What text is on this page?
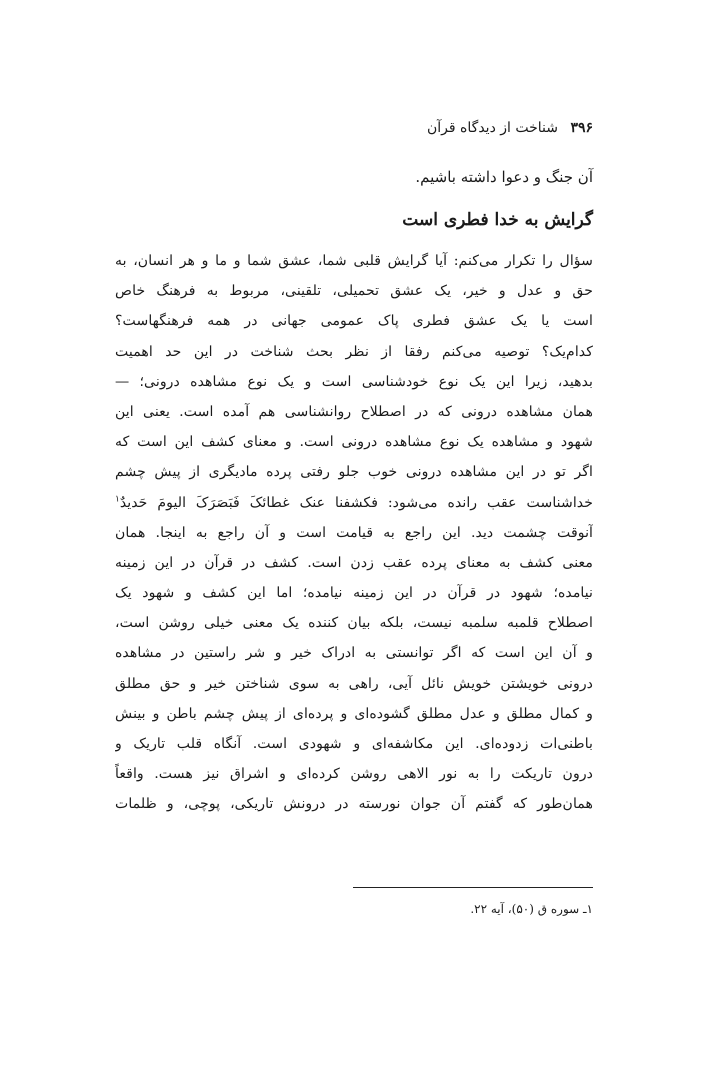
۳۹۶ شناخت از دیدگاه قرآن
آن جنگ و دعوا داشته باشیم.
گرایش به خدا فطری است
سؤال را تکرار می‌کنم: آیا گرایش قلبی شما، عشق شما و ما و هر انسان، به
حق و عدل و خیر، یک عشق تحمیلی، تلقینی، مربوط به فرهنگ خاص
است یا یک عشق فطری پاک عمومی جهانی در همه فرهنگهاست؟
کدام‌یک؟ توصیه می‌کنم رفقا از نظر بحث شناخت در این حد اهمیت
بدهید، زیرا این یک نوع خودشناسی است و یک نوع مشاهده درونی؛ —
همان مشاهده درونی که در اصطلاح روانشناسی هم آمده است. یعنی این
شهود و مشاهده یک نوع مشاهده درونی است. و معنای کشف این است که
اگر تو در این مشاهده درونی خوب جلو رفتی پرده مادیگری از پیش چشم
خداشناست عقب رانده می‌شود: فکشفنا عنک غطائکَ فَبَصَرَکَ الیومَ حَدیدٌ$^۱$
آنوقت چشمت دید. این راجع به قیامت است و آن راجع به اینجا. همان
معنی کشف به معنای پرده عقب زدن است. کشف در قرآن در این زمینه
نیامده؛ شهود در قرآن در این زمینه نیامده؛ اما این کشف و شهود یک
اصطلاح قلمبه سلمبه نیست، بلکه بیان کننده یک معنی خیلی روشن است،
و آن این است که اگر توانستی به ادراک خیر و شر راستین در مشاهده
درونی خویشتن خویش نائل آیی، راهی به سوی شناختن خیر و حق مطلق
و کمال مطلق و عدل مطلق گشوده‌ای و پرده‌ای از پیش چشم باطن و بینش
باطنی‌ات زدوده‌ای. این مکاشفه‌ای و شهودی است. آنگاه قلب تاریک و
درون تاریکت را به نور الاهی روشن کرده‌ای و اشراق نیز هست. واقعاً
همان‌طور که گفتم آن جوان نورسته در درونش تاریکی، پوچی، و ظلمات
۱ـ سوره ق (۵۰)، آیه ۲۲.
